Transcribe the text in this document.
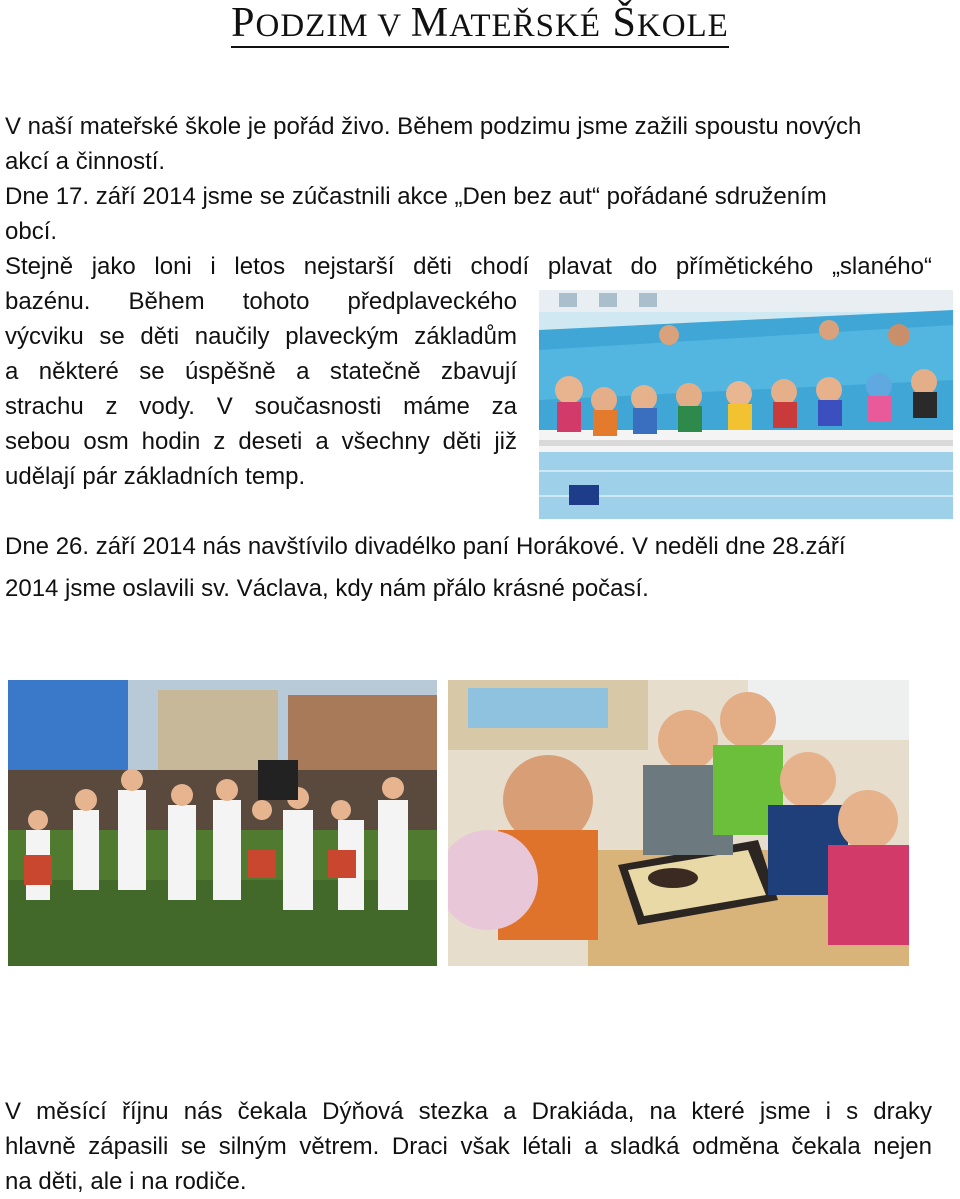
PODZIM V MATEŘSKÉ ŠKOLE

V naší mateřské škole je pořád živo. Během podzimu jsme zažili spoustu nových

akcí a činností.

Dne 17. září 2014 jsme se zúčastnili akce „Den bez aut“ pořádané sdružením

obcí.

Stejně jako loni i letos nejstarší děti chodí plavat do přímětického „slaného“

bazénu. Během tohoto předplaveckého

výcviku se děti naučily plaveckým základům

a některé se úspěšně a statečně zbavují

strachu z vody. V současnosti máme za

sebou osm hodin z deseti a všechny děti již

udělají pár základních temp.

Dne 26. září 2014 nás navštívilo divadélko paní Horákové. V neděli dne 28.září

2014 jsme oslavili sv. Václava, kdy nám přálo krásné počasí.

V měsící říjnu nás čekala Dýňová stezka a Drakiáda, na které jsme i s draky

hlavně zápasili se silným větrem. Draci však létali a sladká odměna čekala nejen

na děti, ale i na rodiče.
